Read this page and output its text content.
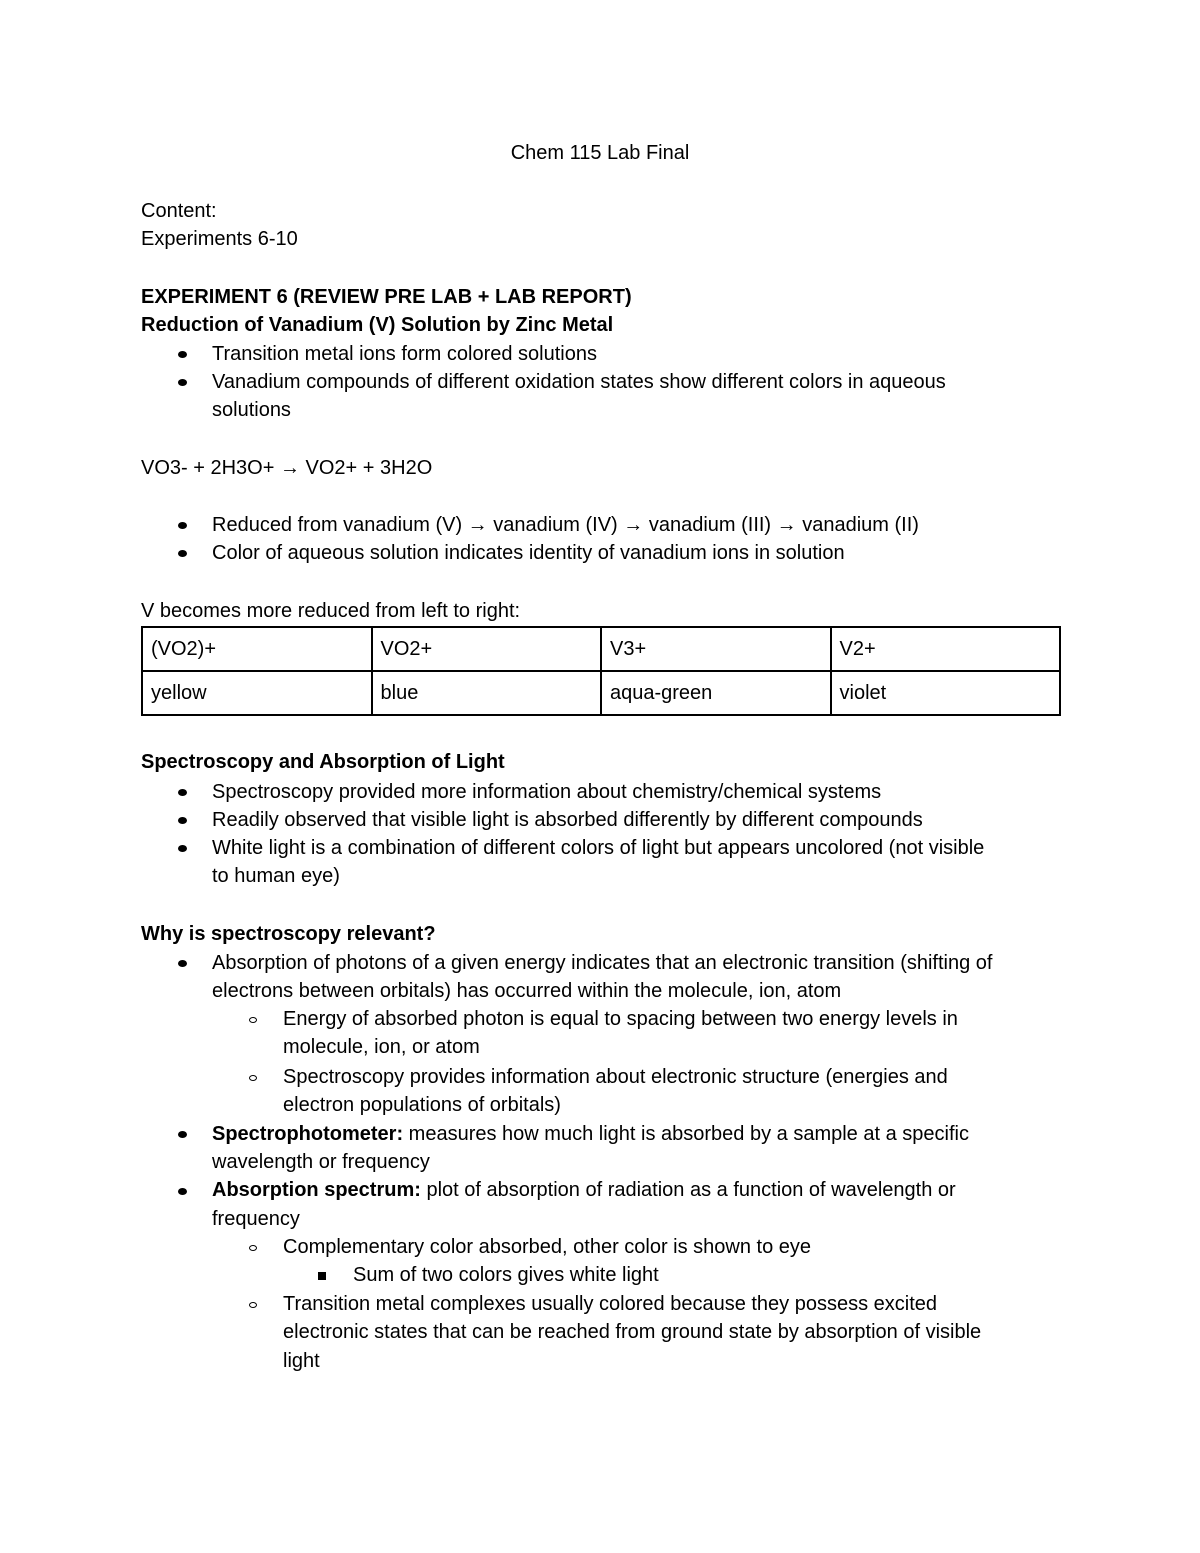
Chem 115 Lab Final
Content:
Experiments 6-10
EXPERIMENT 6 (REVIEW PRE LAB + LAB REPORT)
Reduction of Vanadium (V) Solution by Zinc Metal
Transition metal ions form colored solutions
Vanadium compounds of different oxidation states show different colors in aqueous
solutions
VO3- + 2H3O+ → VO2+ + 3H2O
Reduced from vanadium (V) → vanadium (IV) → vanadium (III) → vanadium (II)
Color of aqueous solution indicates identity of vanadium ions in solution
V becomes more reduced from left to right:
(VO2)+	VO2+	V3+	V2+
yellow	blue	aqua-green	violet
Spectroscopy and Absorption of Light
Spectroscopy provided more information about chemistry/chemical systems
Readily observed that visible light is absorbed differently by different compounds
White light is a combination of different colors of light but appears uncolored (not visible
to human eye)
Why is spectroscopy relevant?
Absorption of photons of a given energy indicates that an electronic transition (shifting of
electrons between orbitals) has occurred within the molecule, ion, atom
Energy of absorbed photon is equal to spacing between two energy levels in
molecule, ion, or atom
Spectroscopy provides information about electronic structure (energies and
electron populations of orbitals)
Spectrophotometer: measures how much light is absorbed by a sample at a specific
wavelength or frequency
Absorption spectrum: plot of absorption of radiation as a function of wavelength or
frequency
Complementary color absorbed, other color is shown to eye
Sum of two colors gives white light
Transition metal complexes usually colored because they possess excited
electronic states that can be reached from ground state by absorption of visible
light
